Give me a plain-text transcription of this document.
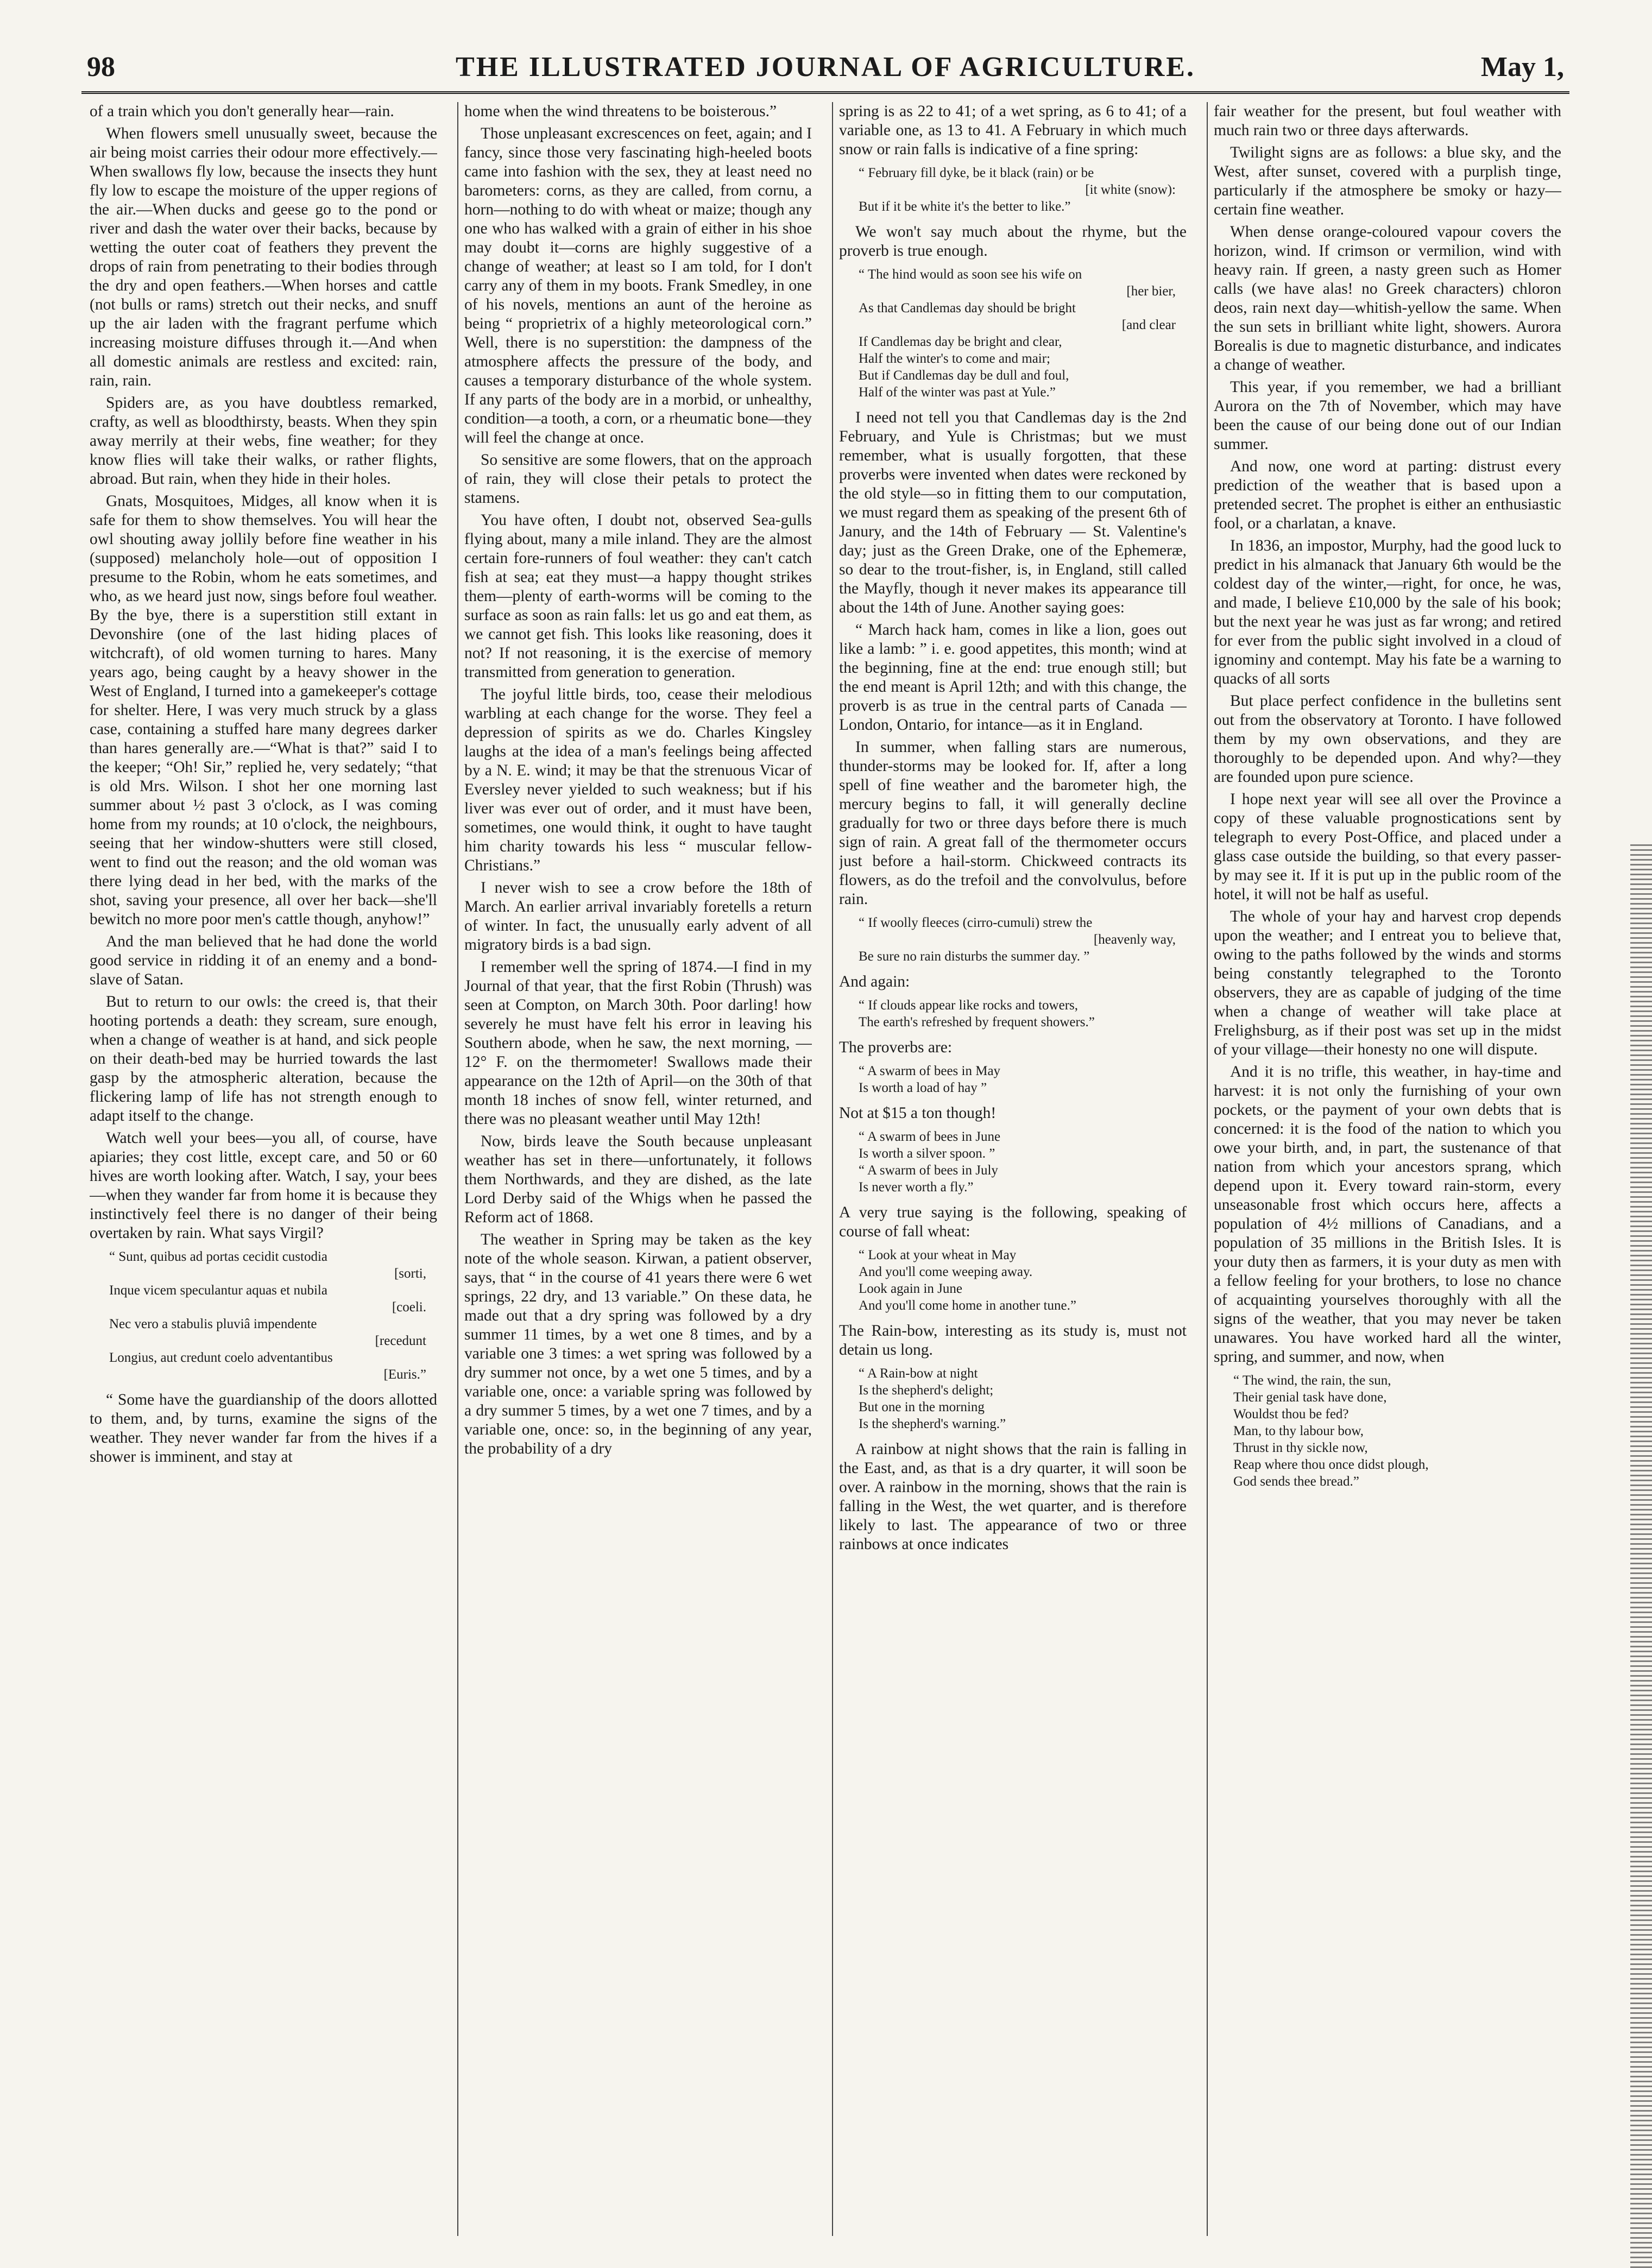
98	THE ILLUSTRATED JOURNAL OF AGRICULTURE.	May 1,

of a train which you don't generally hear—rain.

When flowers smell unusually sweet, because the air being moist carries their odour more effectively.—When swallows fly low, because the insects they hunt fly low to escape the moisture of the upper regions of the air.—When ducks and geese go to the pond or river and dash the water over their backs, because by wetting the outer coat of feathers they prevent the drops of rain from penetrating to their bodies through the dry and open feathers.—When horses and cattle (not bulls or rams) stretch out their necks, and snuff up the air laden with the fragrant perfume which increasing moisture diffuses through it.—And when all domestic animals are restless and excited: rain, rain, rain.

Spiders are, as you have doubtless remarked, crafty, as well as bloodthirsty, beasts. When they spin away merrily at their webs, fine weather; for they know flies will take their walks, or rather flights, abroad. But rain, when they hide in their holes.

Gnats, Mosquitoes, Midges, all know when it is safe for them to show themselves. You will hear the owl shouting away jollily before fine weather in his (supposed) melancholy hole—out of opposition I presume to the Robin, whom he eats sometimes, and who, as we heard just now, sings before foul weather. By the bye, there is a superstition still extant in Devonshire (one of the last hiding places of witchcraft), of old women turning to hares. Many years ago, being caught by a heavy shower in the West of England, I turned into a gamekeeper's cottage for shelter. Here, I was very much struck by a glass case, containing a stuffed hare many degrees darker than hares generally are.—“What is that?” said I to the keeper; “Oh! Sir,” replied he, very sedately; “that is old Mrs. Wilson. I shot her one morning last summer about ½ past 3 o'clock, as I was coming home from my rounds; at 10 o'clock, the neighbours, seeing that her window-shutters were still closed, went to find out the reason; and the old woman was there lying dead in her bed, with the marks of the shot, saving your presence, all over her back—she'll bewitch no more poor men's cattle though, anyhow!”

And the man believed that he had done the world good service in ridding it of an enemy and a bond-slave of Satan.

But to return to our owls: the creed is, that their hooting portends a death: they scream, sure enough, when a change of weather is at hand, and sick people on their death-bed may be hurried towards the last gasp by the atmospheric alteration, because the flickering lamp of life has not strength enough to adapt itself to the change.

Watch well your bees—you all, of course, have apiaries; they cost little, except care, and 50 or 60 hives are worth looking after. Watch, I say, your bees—when they wander far from home it is because they instinctively feel there is no danger of their being overtaken by rain. What says Virgil?

“ Sunt, quibus ad portas cecidit custodia
[sorti,
Inque vicem speculantur aquas et nubila
[coeli.
Nec vero a stabulis pluviâ impendente
[recedunt
Longius, aut credunt coelo adventantibus
[Euris.”

“ Some have the guardianship of the doors allotted to them, and, by turns, examine the signs of the weather. They never wander far from the hives if a shower is imminent, and stay at

home when the wind threatens to be boisterous.”

Those unpleasant excrescences on feet, again; and I fancy, since those very fascinating high-heeled boots came into fashion with the sex, they at least need no barometers: corns, as they are called, from cornu, a horn—nothing to do with wheat or maize; though any one who has walked with a grain of either in his shoe may doubt it—corns are highly suggestive of a change of weather; at least so I am told, for I don't carry any of them in my boots. Frank Smedley, in one of his novels, mentions an aunt of the heroine as being “ proprietrix of a highly meteorological corn.” Well, there is no superstition: the dampness of the atmosphere affects the pressure of the body, and causes a temporary disturbance of the whole system. If any parts of the body are in a morbid, or unhealthy, condition—a tooth, a corn, or a rheumatic bone—they will feel the change at once.

So sensitive are some flowers, that on the approach of rain, they will close their petals to protect the stamens.

You have often, I doubt not, observed Sea-gulls flying about, many a mile inland. They are the almost certain fore-runners of foul weather: they can't catch fish at sea; eat they must—a happy thought strikes them—plenty of earth-worms will be coming to the surface as soon as rain falls: let us go and eat them, as we cannot get fish. This looks like reasoning, does it not? If not reasoning, it is the exercise of memory transmitted from generation to generation.

The joyful little birds, too, cease their melodious warbling at each change for the worse. They feel a depression of spirits as we do. Charles Kingsley laughs at the idea of a man's feelings being affected by a N. E. wind; it may be that the strenuous Vicar of Eversley never yielded to such weakness; but if his liver was ever out of order, and it must have been, sometimes, one would think, it ought to have taught him charity towards his less “ muscular fellow-Christians.”

I never wish to see a crow before the 18th of March. An earlier arrival invariably foretells a return of winter. In fact, the unusually early advent of all migratory birds is a bad sign.

I remember well the spring of 1874.—I find in my Journal of that year, that the first Robin (Thrush) was seen at Compton, on March 30th. Poor darling! how severely he must have felt his error in leaving his Southern abode, when he saw, the next morning, —12° F. on the thermometer! Swallows made their appearance on the 12th of April—on the 30th of that month 18 inches of snow fell, winter returned, and there was no pleasant weather until May 12th!

Now, birds leave the South because unpleasant weather has set in there—unfortunately, it follows them Northwards, and they are dished, as the late Lord Derby said of the Whigs when he passed the Reform act of 1868.

The weather in Spring may be taken as the key note of the whole season. Kirwan, a patient observer, says, that “ in the course of 41 years there were 6 wet springs, 22 dry, and 13 variable.” On these data, he made out that a dry spring was followed by a dry summer 11 times, by a wet one 8 times, and by a variable one 3 times: a wet spring was followed by a dry summer not once, by a wet one 5 times, and by a variable one, once: a variable spring was followed by a dry summer 5 times, by a wet one 7 times, and by a variable one, once: so, in the beginning of any year, the probability of a dry

spring is as 22 to 41; of a wet spring, as 6 to 41; of a variable one, as 13 to 41. A February in which much snow or rain falls is indicative of a fine spring:

“ February fill dyke, be it black (rain) or be
[it white (snow):
But if it be white it's the better to like.”

We won't say much about the rhyme, but the proverb is true enough.

“ The hind would as soon see his wife on
[her bier,
As that Candlemas day should be bright
[and clear
If Candlemas day be bright and clear,
Half the winter's to come and mair;
But if Candlemas day be dull and foul,
Half of the winter was past at Yule.”

I need not tell you that Candlemas day is the 2nd February, and Yule is Christmas; but we must remember, what is usually forgotten, that these proverbs were invented when dates were reckoned by the old style—so in fitting them to our computation, we must regard them as speaking of the present 6th of Janury, and the 14th of February — St. Valentine's day; just as the Green Drake, one of the Ephemeræ, so dear to the trout-fisher, is, in England, still called the Mayfly, though it never makes its appearance till about the 14th of June. Another saying goes:

“ March hack ham, comes in like a lion, goes out like a lamb: ” i. e. good appetites, this month; wind at the beginning, fine at the end: true enough still; but the end meant is April 12th; and with this change, the proverb is as true in the central parts of Canada — London, Ontario, for intance—as it in England.

In summer, when falling stars are numerous, thunder-storms may be looked for. If, after a long spell of fine weather and the barometer high, the mercury begins to fall, it will generally decline gradually for two or three days before there is much sign of rain. A great fall of the thermometer occurs just before a hail-storm. Chickweed contracts its flowers, as do the trefoil and the convolvulus, before rain.

“ If woolly fleeces (cirro-cumuli) strew the
[heavenly way,
Be sure no rain disturbs the summer day. ”

And again:

“ If clouds appear like rocks and towers,
The earth's refreshed by frequent showers.”

The proverbs are:

“ A swarm of bees in May
Is worth a load of hay ”

Not at $15 a ton though!

“ A swarm of bees in June
Is worth a silver spoon. ”
“ A swarm of bees in July
Is never worth a fly.”

A very true saying is the following, speaking of course of fall wheat:

“ Look at your wheat in May
And you'll come weeping away.
Look again in June
And you'll come home in another tune.”

The Rain-bow, interesting as its study is, must not detain us long.

“ A Rain-bow at night
Is the shepherd's delight;
But one in the morning
Is the shepherd's warning.”

A rainbow at night shows that the rain is falling in the East, and, as that is a dry quarter, it will soon be over. A rainbow in the morning, shows that the rain is falling in the West, the wet quarter, and is therefore likely to last. The appearance of two or three rainbows at once indicates

fair weather for the present, but foul weather with much rain two or three days afterwards.

Twilight signs are as follows: a blue sky, and the West, after sunset, covered with a purplish tinge, particularly if the atmosphere be smoky or hazy—certain fine weather.

When dense orange-coloured vapour covers the horizon, wind. If crimson or vermilion, wind with heavy rain. If green, a nasty green such as Homer calls (we have alas! no Greek characters) chloron deos, rain next day—whitish-yellow the same. When the sun sets in brilliant white light, showers. Aurora Borealis is due to magnetic disturbance, and indicates a change of weather.

This year, if you remember, we had a brilliant Aurora on the 7th of November, which may have been the cause of our being done out of our Indian summer.

And now, one word at parting: distrust every prediction of the weather that is based upon a pretended secret. The prophet is either an enthusiastic fool, or a charlatan, a knave.

In 1836, an impostor, Murphy, had the good luck to predict in his almanack that January 6th would be the coldest day of the winter,—right, for once, he was, and made, I believe £10,000 by the sale of his book; but the next year he was just as far wrong; and retired for ever from the public sight involved in a cloud of ignominy and contempt. May his fate be a warning to quacks of all sorts

But place perfect confidence in the bulletins sent out from the observatory at Toronto. I have followed them by my own observations, and they are thoroughly to be depended upon. And why?—they are founded upon pure science.

I hope next year will see all over the Province a copy of these valuable prognostications sent by telegraph to every Post-Office, and placed under a glass case outside the building, so that every passer-by may see it. If it is put up in the public room of the hotel, it will not be half as useful.

The whole of your hay and harvest crop depends upon the weather; and I entreat you to believe that, owing to the paths followed by the winds and storms being constantly telegraphed to the Toronto observers, they are as capable of judging of the time when a change of weather will take place at Frelighsburg, as if their post was set up in the midst of your village—their honesty no one will dispute.

And it is no trifle, this weather, in hay-time and harvest: it is not only the furnishing of your own pockets, or the payment of your own debts that is concerned: it is the food of the nation to which you owe your birth, and, in part, the sustenance of that nation from which your ancestors sprang, which depend upon it. Every toward rain-storm, every unseasonable frost which occurs here, affects a population of 4½ millions of Canadians, and a population of 35 millions in the British Isles. It is your duty then as farmers, it is your duty as men with a fellow feeling for your brothers, to lose no chance of acquainting yourselves thoroughly with all the signs of the weather, that you may never be taken unawares. You have worked hard all the winter, spring, and summer, and now, when

“ The wind, the rain, the sun,
Their genial task have done,
Wouldst thou be fed?
Man, to thy labour bow,
Thrust in thy sickle now,
Reap where thou once didst plough,
God sends thee bread.”
